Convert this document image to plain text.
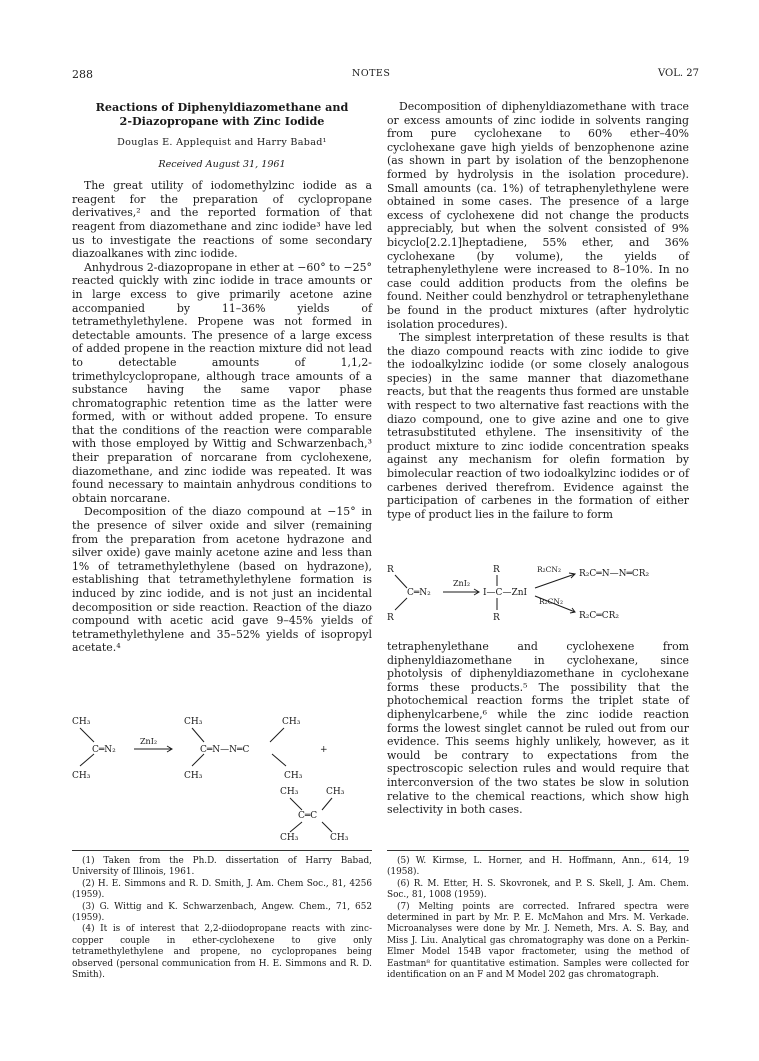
288	NOTES	VOL. 27
Reactions of Diphenyldiazomethane and
2-Diazopropane with Zinc Iodide
Douglas E. Applequist and Harry Babad¹
Received August 31, 1961

The great utility of iodomethylzinc iodide as a reagent for the preparation of cyclopropane derivatives,² and the reported formation of that reagent from diazomethane and zinc iodide³ have led us to investigate the reactions of some secondary diazoalkanes with zinc iodide.

Anhydrous 2-diazopropane in ether at −60° to −25° reacted quickly with zinc iodide in trace amounts or in large excess to give primarily acetone azine accompanied by 11–36% yields of tetramethylethylene. Propene was not formed in detectable amounts. The presence of a large excess of added propene in the reaction mixture did not lead to detectable amounts of 1,1,2-trimethylcyclopropane, although trace amounts of a substance having the same vapor phase chromatographic retention time as the latter were formed, with or without added propene. To ensure that the conditions of the reaction were comparable with those employed by Wittig and Schwarzenbach,³ their preparation of norcarane from cyclohexene, diazomethane, and zinc iodide was repeated. It was found necessary to maintain anhydrous conditions to obtain norcarane.

Decomposition of the diazo compound at −15° in the presence of silver oxide and silver (remaining from the preparation from acetone hydrazone and silver oxide) gave mainly acetone azine and less than 1% of tetramethylethylene (based on hydrazone), establishing that tetramethylethylene formation is induced by zinc iodide, and is not just an incidental decomposition or side reaction. Reaction of the diazo compound with acetic acid gave 9–45% yields of tetramethylethylene and 35–52% yields of isopropyl acetate.⁴

CH₃
C═N₂
CH₃
ZnI₂
CH₃
C═N—N═C
CH₃
CH₃
CH₃
+
CH₃	CH₃
C═C
CH₃	CH₃

Decomposition of diphenyldiazomethane with trace or excess amounts of zinc iodide in solvents ranging from pure cyclohexane to 60% ether–40% cyclohexane gave high yields of benzophenone azine (as shown in part by isolation of the benzophenone formed by hydrolysis in the isolation procedure). Small amounts (ca. 1%) of tetraphenylethylene were obtained in some cases. The presence of a large excess of cyclohexene did not change the products appreciably, but when the solvent consisted of 9% bicyclo[2.2.1]heptadiene, 55% ether, and 36% cyclohexane (by volume), the yields of tetraphenylethylene were increased to 8–10%. In no case could addition products from the olefins be found. Neither could benzhydrol or tetraphenylethane be found in the product mixtures (after hydrolytic isolation procedures).

The simplest interpretation of these results is that the diazo compound reacts with zinc iodide to give the iodoalkylzinc iodide (or some closely analogous species) in the same manner that diazomethane reacts, but that the reagents thus formed are unstable with respect to two alternative fast reactions with the diazo compound, one to give azine and one to give tetrasubstituted ethylene. The insensitivity of the product mixture to zinc iodide concentration speaks against any mechanism for olefin formation by bimolecular reaction of two iodoalkylzinc iodides or of carbenes derived therefrom. Evidence against the participation of carbenes in the formation of either type of product lies in the failure to form

R
C═N₂
R
ZnI₂
R
I—C—ZnI
R
R₂CN₂
R₂CN₂
R₂C═N—N═CR₂
R₂C═CR₂

tetraphenylethane and cyclohexene from diphenyldiazomethane in cyclohexane, since photolysis of diphenyldiazomethane in cyclohexane forms these products.⁵ The possibility that the photochemical reaction forms the triplet state of diphenylcarbene,⁶ while the zinc iodide reaction forms the lowest singlet cannot be ruled out from our evidence. This seems highly unlikely, however, as it would be contrary to expectations from the spectroscopic selection rules and would require that interconversion of the two states be slow in solution relative to the chemical reactions, which show high selectivity in both cases.

(1) Taken from the Ph.D. dissertation of Harry Babad, University of Illinois, 1961.

(2) H. E. Simmons and R. D. Smith, J. Am. Chem Soc., 81, 4256 (1959).

(3) G. Wittig and K. Schwarzenbach, Angew. Chem., 71, 652 (1959).

(4) It is of interest that 2,2-diiodopropane reacts with zinc-copper couple in ether-cyclohexene to give only tetramethylethylene and propene, no cyclopropanes being observed (personal communication from H. E. Simmons and R. D. Smith).

(5) W. Kirmse, L. Horner, and H. Hoffmann, Ann., 614, 19 (1958).

(6) R. M. Etter, H. S. Skovronek, and P. S. Skell, J. Am. Chem. Soc., 81, 1008 (1959).

(7) Melting points are corrected. Infrared spectra were determined in part by Mr. P. E. McMahon and Mrs. M. Verkade. Microanalyses were done by Mr. J. Nemeth, Mrs. A. S. Bay, and Miss J. Liu. Analytical gas chromatography was done on a Perkin-Elmer Model 154B vapor fractometer, using the method of Eastman⁸ for quantitative estimation. Samples were collected for identification on an F and M Model 202 gas chromatograph.
